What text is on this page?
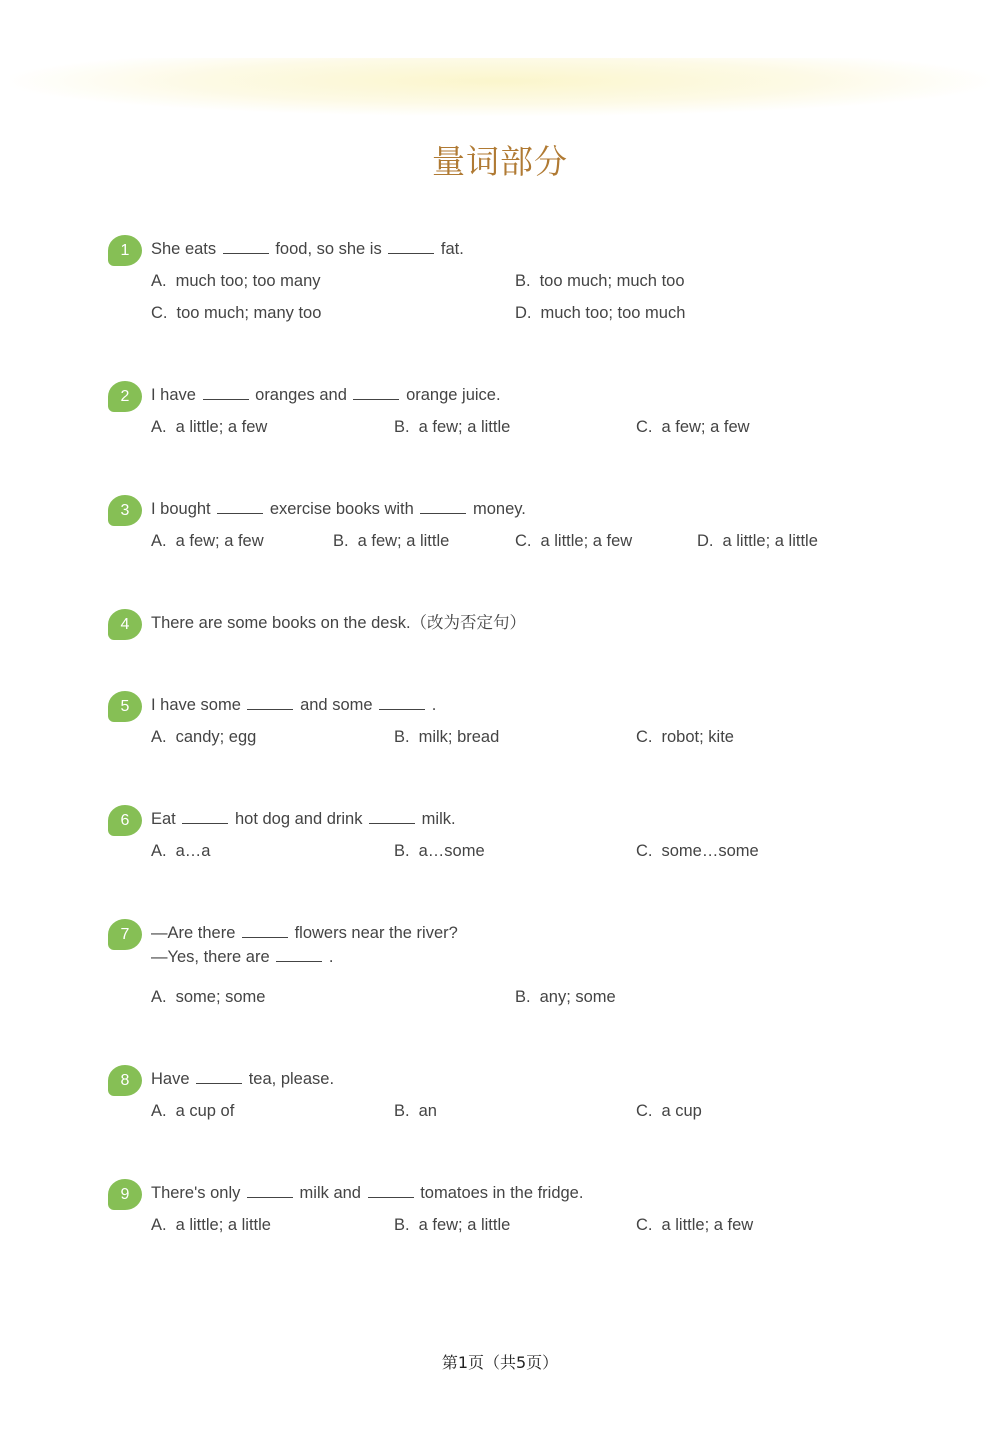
量词部分
1	She eats	food, so she is	fat.
A. much too; too many	B. too much; much too
C. too much; many too	D. much too; too much
2	I have	oranges and	orange juice.
A. a little; a few	B. a few; a little	C. a few; a few
3	I bought	exercise books with	money.
A. a few; a few	B. a few; a little	C. a little; a few	D. a little; a little
4	There are some books on the desk.（改为否定句）
5	I have some	and some	.
A. candy; egg	B. milk; bread	C. robot; kite
6	Eat	hot dog and drink	milk.
A. a…a	B. a…some	C. some…some
7	—Are there	flowers near the river?
—Yes, there are	.
A. some; some	B. any; some
8	Have	tea, please.
A. a cup of	B. an	C. a cup
9	There's only	milk and	tomatoes in the fridge.
A. a little; a little	B. a few; a little	C. a little; a few
第1页（共5页）
